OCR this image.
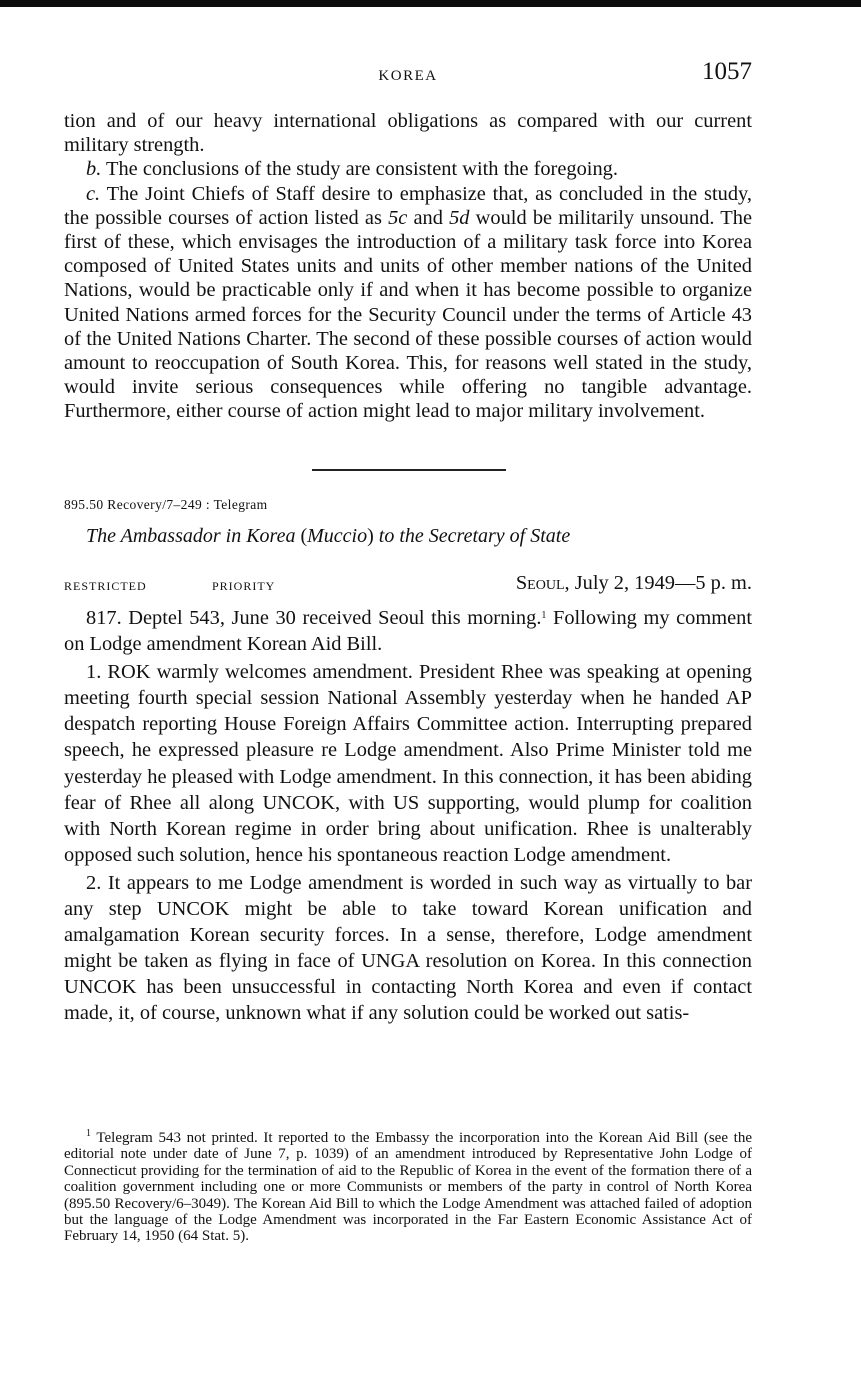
KOREA	1057

tion and of our heavy international obligations as compared with our current military strength.

b. The conclusions of the study are consistent with the foregoing.

c. The Joint Chiefs of Staff desire to emphasize that, as concluded in the study, the possible courses of action listed as 5c and 5d would be militarily unsound. The first of these, which envisages the introduction of a military task force into Korea composed of United States units and units of other member nations of the United Nations, would be practicable only if and when it has become possible to organize United Nations armed forces for the Security Council under the terms of Article 43 of the United Nations Charter. The second of these possible courses of action would amount to reoccupation of South Korea. This, for reasons well stated in the study, would invite serious consequences while offering no tangible advantage. Furthermore, either course of action might lead to major military involvement.

895.50 Recovery/7–249 : Telegram
The Ambassador in Korea (Muccio) to the Secretary of State
RESTRICTED	PRIORITY	Seoul, July 2, 1949—5 p. m.

817. Deptel 543, June 30 received Seoul this morning.$^1$ Following my comment on Lodge amendment Korean Aid Bill.

1. ROK warmly welcomes amendment. President Rhee was speaking at opening meeting fourth special session National Assembly yesterday when he handed AP despatch reporting House Foreign Affairs Committee action. Interrupting prepared speech, he expressed pleasure re Lodge amendment. Also Prime Minister told me yesterday he pleased with Lodge amendment. In this connection, it has been abiding fear of Rhee all along UNCOK, with US supporting, would plump for coalition with North Korean regime in order bring about unification. Rhee is unalterably opposed such solution, hence his spontaneous reaction Lodge amendment.

2. It appears to me Lodge amendment is worded in such way as virtually to bar any step UNCOK might be able to take toward Korean unification and amalgamation Korean security forces. In a sense, therefore, Lodge amendment might be taken as flying in face of UNGA resolution on Korea. In this connection UNCOK has been unsuccessful in contacting North Korea and even if contact made, it, of course, unknown what if any solution could be worked out satis-

$^1$ Telegram 543 not printed. It reported to the Embassy the incorporation into the Korean Aid Bill (see the editorial note under date of June 7, p. 1039) of an amendment introduced by Representative John Lodge of Connecticut providing for the termination of aid to the Republic of Korea in the event of the formation there of a coalition government including one or more Communists or members of the party in control of North Korea (895.50 Recovery/6–3049). The Korean Aid Bill to which the Lodge Amendment was attached failed of adoption but the language of the Lodge Amendment was incorporated in the Far Eastern Economic Assistance Act of February 14, 1950 (64 Stat. 5).
